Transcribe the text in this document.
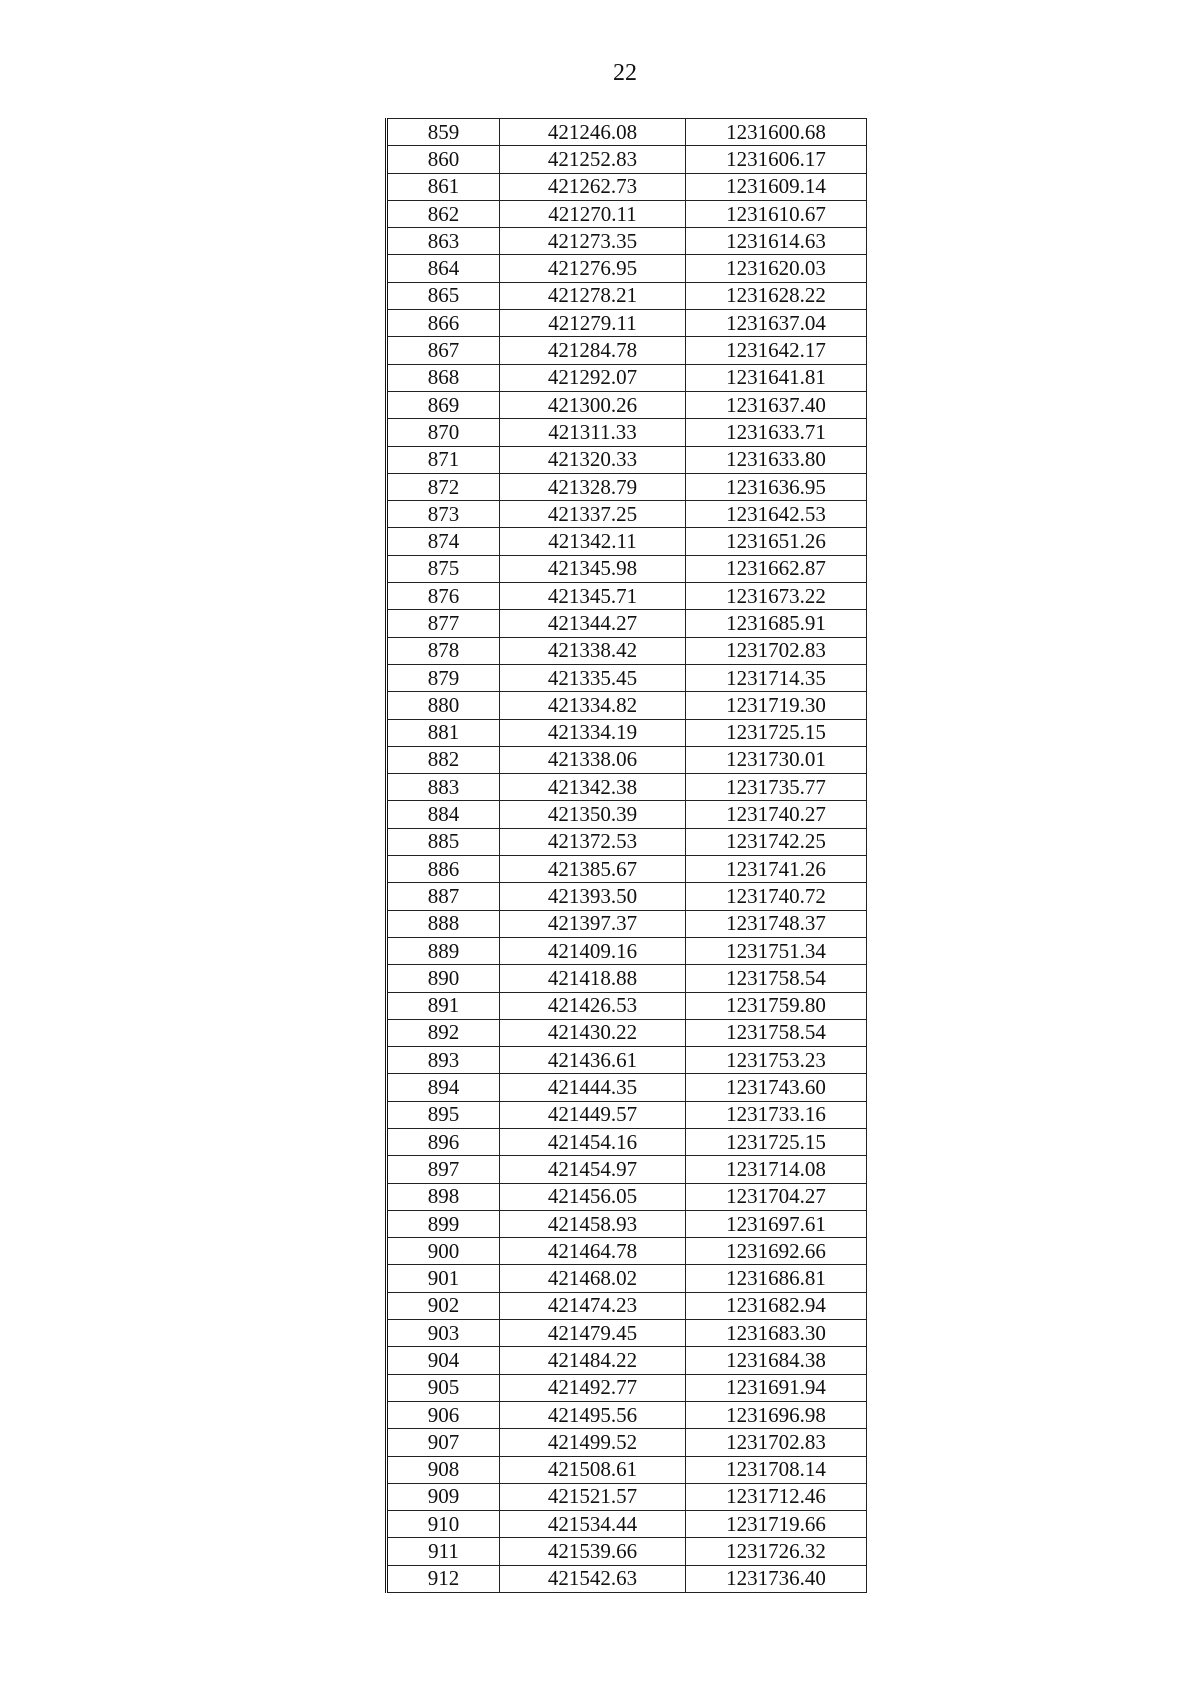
22
859	421246.08	1231600.68
860	421252.83	1231606.17
861	421262.73	1231609.14
862	421270.11	1231610.67
863	421273.35	1231614.63
864	421276.95	1231620.03
865	421278.21	1231628.22
866	421279.11	1231637.04
867	421284.78	1231642.17
868	421292.07	1231641.81
869	421300.26	1231637.40
870	421311.33	1231633.71
871	421320.33	1231633.80
872	421328.79	1231636.95
873	421337.25	1231642.53
874	421342.11	1231651.26
875	421345.98	1231662.87
876	421345.71	1231673.22
877	421344.27	1231685.91
878	421338.42	1231702.83
879	421335.45	1231714.35
880	421334.82	1231719.30
881	421334.19	1231725.15
882	421338.06	1231730.01
883	421342.38	1231735.77
884	421350.39	1231740.27
885	421372.53	1231742.25
886	421385.67	1231741.26
887	421393.50	1231740.72
888	421397.37	1231748.37
889	421409.16	1231751.34
890	421418.88	1231758.54
891	421426.53	1231759.80
892	421430.22	1231758.54
893	421436.61	1231753.23
894	421444.35	1231743.60
895	421449.57	1231733.16
896	421454.16	1231725.15
897	421454.97	1231714.08
898	421456.05	1231704.27
899	421458.93	1231697.61
900	421464.78	1231692.66
901	421468.02	1231686.81
902	421474.23	1231682.94
903	421479.45	1231683.30
904	421484.22	1231684.38
905	421492.77	1231691.94
906	421495.56	1231696.98
907	421499.52	1231702.83
908	421508.61	1231708.14
909	421521.57	1231712.46
910	421534.44	1231719.66
911	421539.66	1231726.32
912	421542.63	1231736.40
